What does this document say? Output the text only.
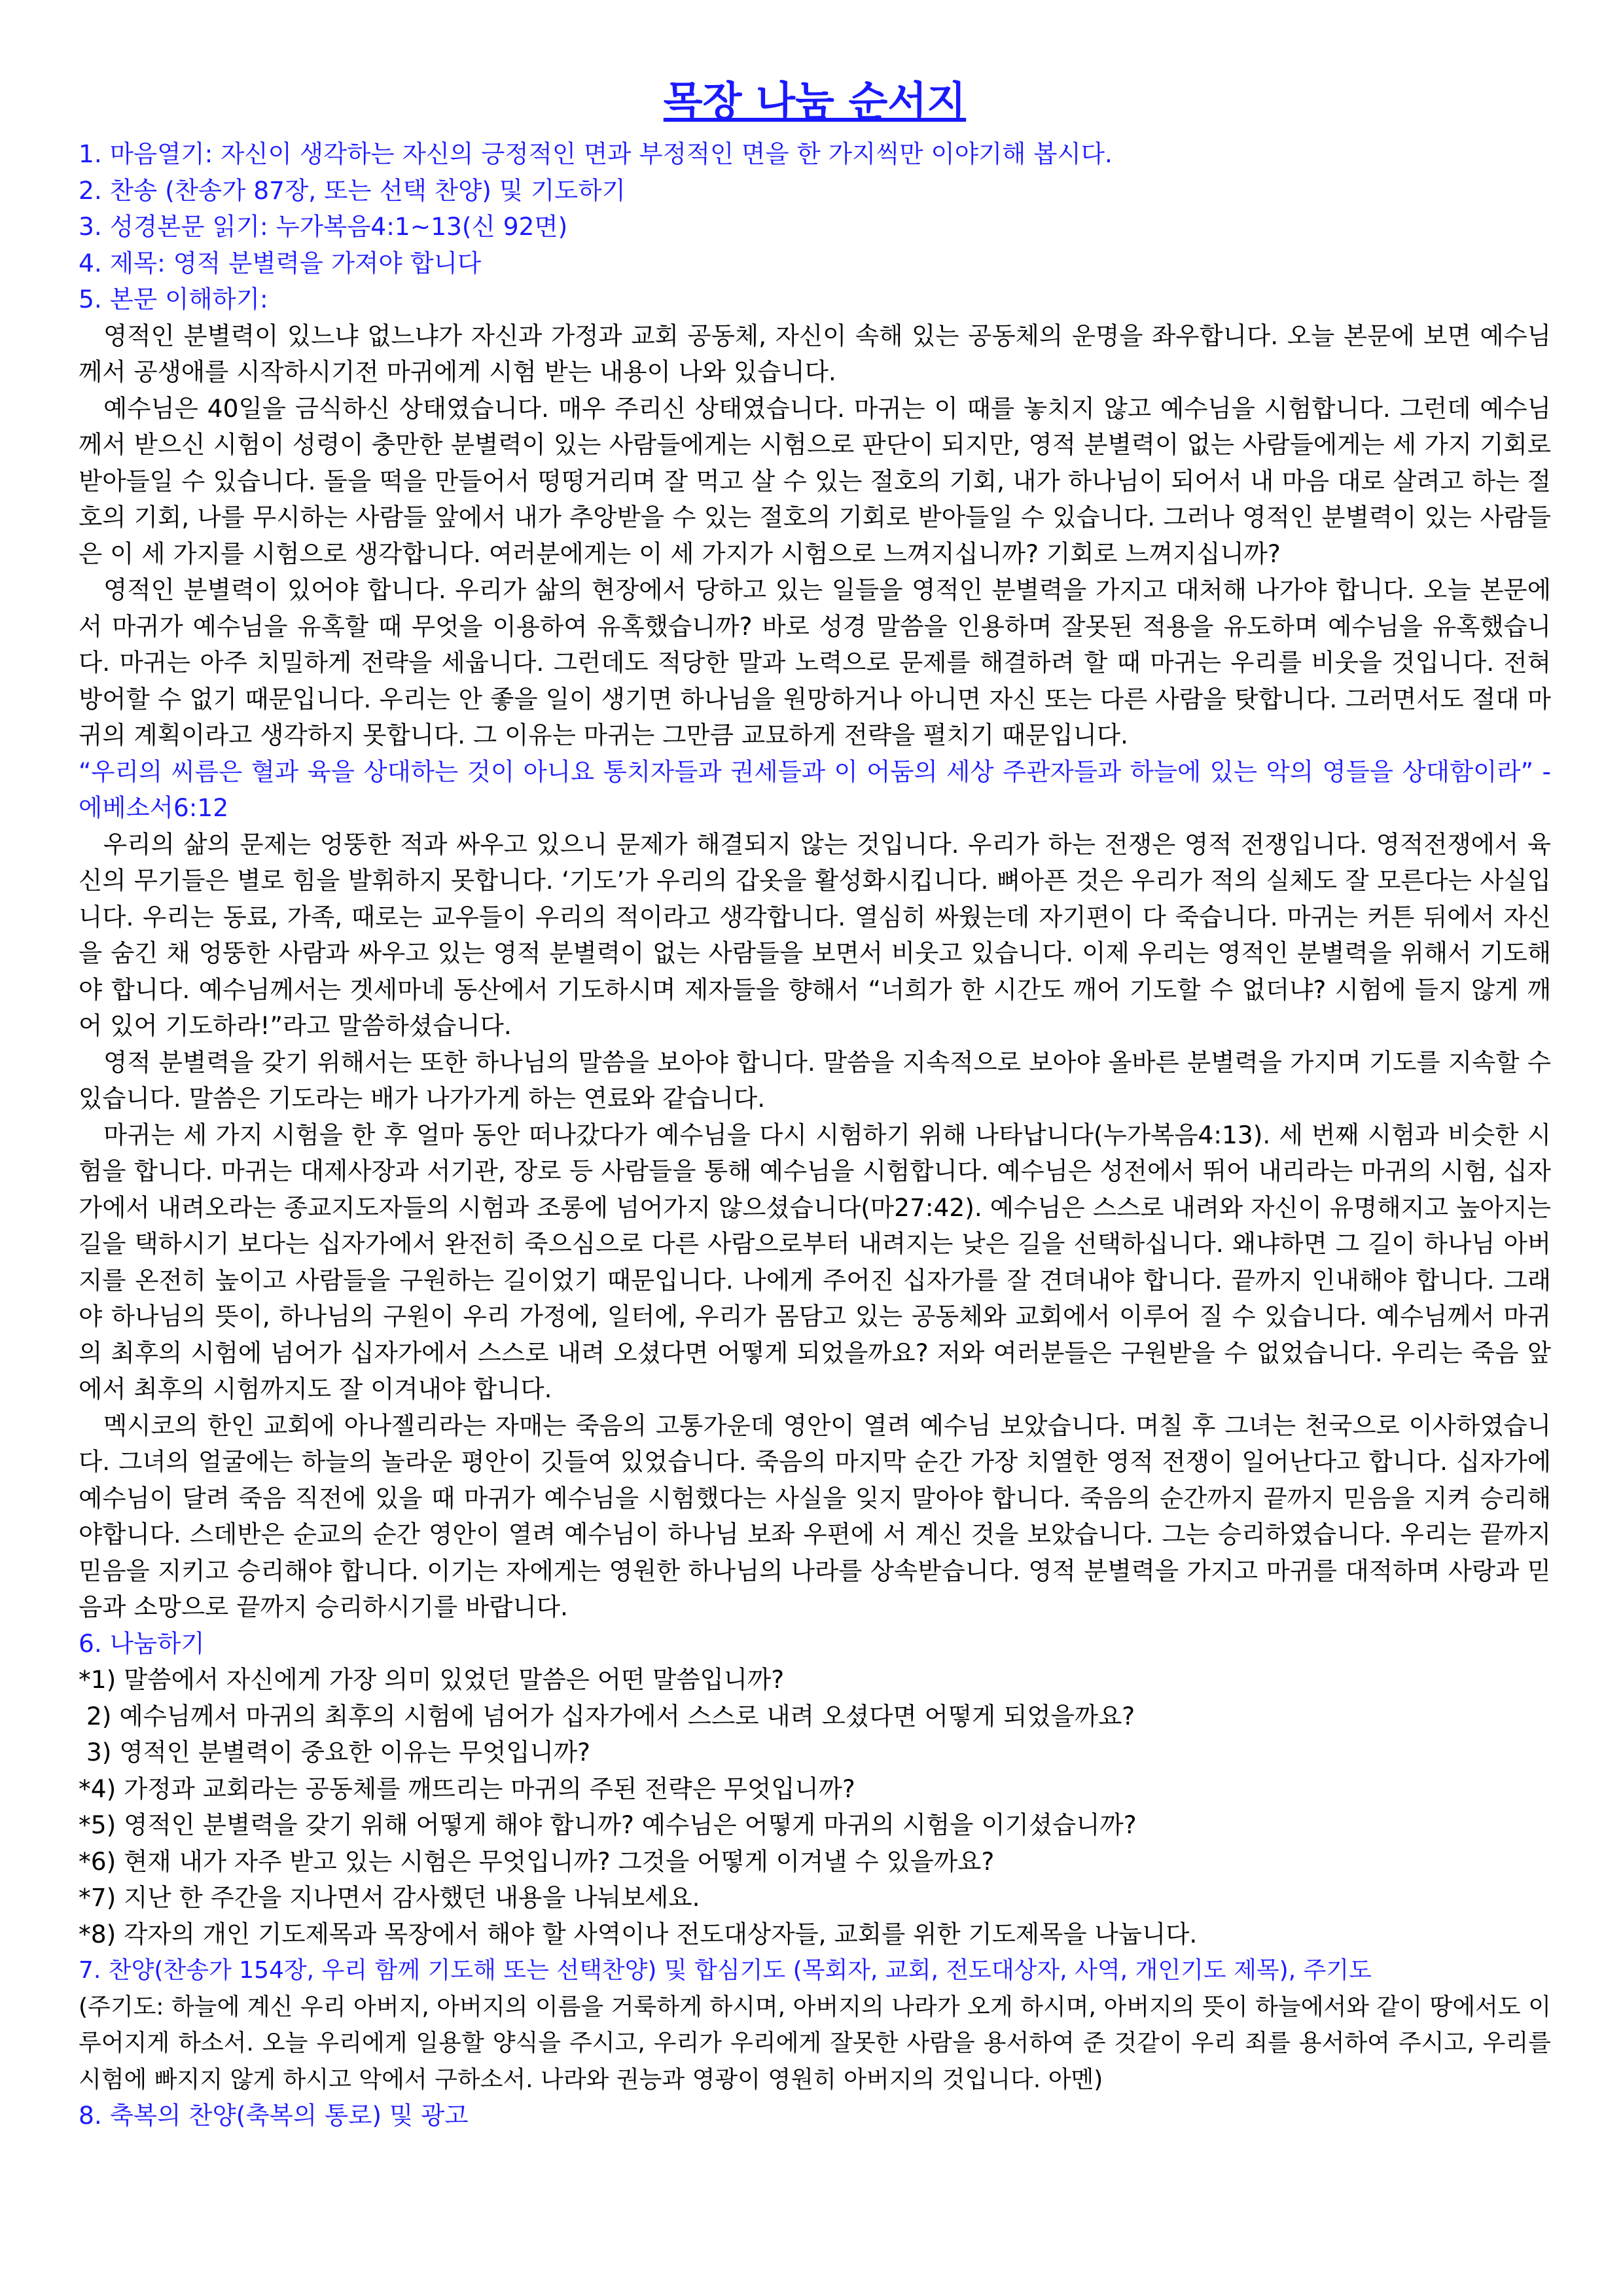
목장 나눔 순서지

1. 마음열기: 자신이 생각하는 자신의 긍정적인 면과 부정적인 면을 한 가지씩만 이야기해 봅시다.

2. 찬송 (찬송가 87장, 또는 선택 찬양) 및 기도하기

3. 성경본문 읽기: 누가복음4:1~13(신 92면)

4. 제목: 영적 분별력을 가져야 합니다

5. 본문 이해하기:

영적인 분별력이 있느냐 없느냐가 자신과 가정과 교회 공동체, 자신이 속해 있는 공동체의 운명을 좌우합니다. 오늘 본문에 보면 예수님께서 공생애를 시작하시기전 마귀에게 시험 받는 내용이 나와 있습니다.

예수님은 40일을 금식하신 상태였습니다. 매우 주리신 상태였습니다. 마귀는 이 때를 놓치지 않고 예수님을 시험합니다. 그런데 예수님께서 받으신 시험이 성령이 충만한 분별력이 있는 사람들에게는 시험으로 판단이 되지만, 영적 분별력이 없는 사람들에게는 세 가지 기회로 받아들일 수 있습니다. 돌을 떡을 만들어서 떵떵거리며 잘 먹고 살 수 있는 절호의 기회, 내가 하나님이 되어서 내 마음 대로 살려고 하는 절호의 기회, 나를 무시하는 사람들 앞에서 내가 추앙받을 수 있는 절호의 기회로 받아들일 수 있습니다. 그러나 영적인 분별력이 있는 사람들은 이 세 가지를 시험으로 생각합니다. 여러분에게는 이 세 가지가 시험으로 느껴지십니까? 기회로 느껴지십니까?

영적인 분별력이 있어야 합니다. 우리가 삶의 현장에서 당하고 있는 일들을 영적인 분별력을 가지고 대처해 나가야 합니다. 오늘 본문에서 마귀가 예수님을 유혹할 때 무엇을 이용하여 유혹했습니까? 바로 성경 말씀을 인용하며 잘못된 적용을 유도하며 예수님을 유혹했습니다. 마귀는 아주 치밀하게 전략을 세웁니다. 그런데도 적당한 말과 노력으로 문제를 해결하려 할 때 마귀는 우리를 비웃을 것입니다. 전혀 방어할 수 없기 때문입니다. 우리는 안 좋을 일이 생기면 하나님을 원망하거나 아니면 자신 또는 다른 사람을 탓합니다. 그러면서도 절대 마귀의 계획이라고 생각하지 못합니다. 그 이유는 마귀는 그만큼 교묘하게 전략을 펼치기 때문입니다.

“우리의 씨름은 혈과 육을 상대하는 것이 아니요 통치자들과 권세들과 이 어둠의 세상 주관자들과 하늘에 있는 악의 영들을 상대함이라” -에베소서6:12

우리의 삶의 문제는 엉뚱한 적과 싸우고 있으니 문제가 해결되지 않는 것입니다. 우리가 하는 전쟁은 영적 전쟁입니다. 영적전쟁에서 육신의 무기들은 별로 힘을 발휘하지 못합니다. ‘기도’가 우리의 갑옷을 활성화시킵니다. 뼈아픈 것은 우리가 적의 실체도 잘 모른다는 사실입니다. 우리는 동료, 가족, 때로는 교우들이 우리의 적이라고 생각합니다. 열심히 싸웠는데 자기편이 다 죽습니다. 마귀는 커튼 뒤에서 자신을 숨긴 채 엉뚱한 사람과 싸우고 있는 영적 분별력이 없는 사람들을 보면서 비웃고 있습니다. 이제 우리는 영적인 분별력을 위해서 기도해야 합니다. 예수님께서는 겟세마네 동산에서 기도하시며 제자들을 향해서 “너희가 한 시간도 깨어 기도할 수 없더냐? 시험에 들지 않게 깨어 있어 기도하라!”라고 말씀하셨습니다.

영적 분별력을 갖기 위해서는 또한 하나님의 말씀을 보아야 합니다. 말씀을 지속적으로 보아야 올바른 분별력을 가지며 기도를 지속할 수 있습니다. 말씀은 기도라는 배가 나가가게 하는 연료와 같습니다.

마귀는 세 가지 시험을 한 후 얼마 동안 떠나갔다가 예수님을 다시 시험하기 위해 나타납니다(누가복음4:13). 세 번째 시험과 비슷한 시험을 합니다. 마귀는 대제사장과 서기관, 장로 등 사람들을 통해 예수님을 시험합니다. 예수님은 성전에서 뛰어 내리라는 마귀의 시험, 십자가에서 내려오라는 종교지도자들의 시험과 조롱에 넘어가지 않으셨습니다(마27:42). 예수님은 스스로 내려와 자신이 유명해지고 높아지는 길을 택하시기 보다는 십자가에서 완전히 죽으심으로 다른 사람으로부터 내려지는 낮은 길을 선택하십니다. 왜냐하면 그 길이 하나님 아버지를 온전히 높이고 사람들을 구원하는 길이었기 때문입니다. 나에게 주어진 십자가를 잘 견뎌내야 합니다. 끝까지 인내해야 합니다. 그래야 하나님의 뜻이, 하나님의 구원이 우리 가정에, 일터에, 우리가 몸담고 있는 공동체와 교회에서 이루어 질 수 있습니다. 예수님께서 마귀의 최후의 시험에 넘어가 십자가에서 스스로 내려 오셨다면 어떻게 되었을까요? 저와 여러분들은 구원받을 수 없었습니다. 우리는 죽음 앞에서 최후의 시험까지도 잘 이겨내야 합니다.

멕시코의 한인 교회에 아나젤리라는 자매는 죽음의 고통가운데 영안이 열려 예수님 보았습니다. 며칠 후 그녀는 천국으로 이사하였습니다. 그녀의 얼굴에는 하늘의 놀라운 평안이 깃들여 있었습니다. 죽음의 마지막 순간 가장 치열한 영적 전쟁이 일어난다고 합니다. 십자가에 예수님이 달려 죽음 직전에 있을 때 마귀가 예수님을 시험했다는 사실을 잊지 말아야 합니다. 죽음의 순간까지 끝까지 믿음을 지켜 승리해야합니다. 스데반은 순교의 순간 영안이 열려 예수님이 하나님 보좌 우편에 서 계신 것을 보았습니다. 그는 승리하였습니다. 우리는 끝까지 믿음을 지키고 승리해야 합니다. 이기는 자에게는 영원한 하나님의 나라를 상속받습니다. 영적 분별력을 가지고 마귀를 대적하며 사랑과 믿음과 소망으로 끝까지 승리하시기를 바랍니다.

6. 나눔하기

*1) 말씀에서 자신에게 가장 의미 있었던 말씀은 어떤 말씀입니까?

2) 예수님께서 마귀의 최후의 시험에 넘어가 십자가에서 스스로 내려 오셨다면 어떻게 되었을까요?

3) 영적인 분별력이 중요한 이유는 무엇입니까?

*4) 가정과 교회라는 공동체를 깨뜨리는 마귀의 주된 전략은 무엇입니까?

*5) 영적인 분별력을 갖기 위해 어떻게 해야 합니까? 예수님은 어떻게 마귀의 시험을 이기셨습니까?

*6) 현재 내가 자주 받고 있는 시험은 무엇입니까? 그것을 어떻게 이겨낼 수 있을까요?

*7) 지난 한 주간을 지나면서 감사했던 내용을 나눠보세요.

*8) 각자의 개인 기도제목과 목장에서 해야 할 사역이나 전도대상자들, 교회를 위한 기도제목을 나눕니다.

7. 찬양(찬송가 154장, 우리 함께 기도해 또는 선택찬양) 및 합심기도 (목회자, 교회, 전도대상자, 사역, 개인기도 제목), 주기도

(주기도: 하늘에 계신 우리 아버지, 아버지의 이름을 거룩하게 하시며, 아버지의 나라가 오게 하시며, 아버지의 뜻이 하늘에서와 같이 땅에서도 이루어지게 하소서. 오늘 우리에게 일용할 양식을 주시고, 우리가 우리에게 잘못한 사람을 용서하여 준 것같이 우리 죄를 용서하여 주시고, 우리를 시험에 빠지지 않게 하시고 악에서 구하소서. 나라와 권능과 영광이 영원히 아버지의 것입니다. 아멘)

8. 축복의 찬양(축복의 통로) 및 광고
